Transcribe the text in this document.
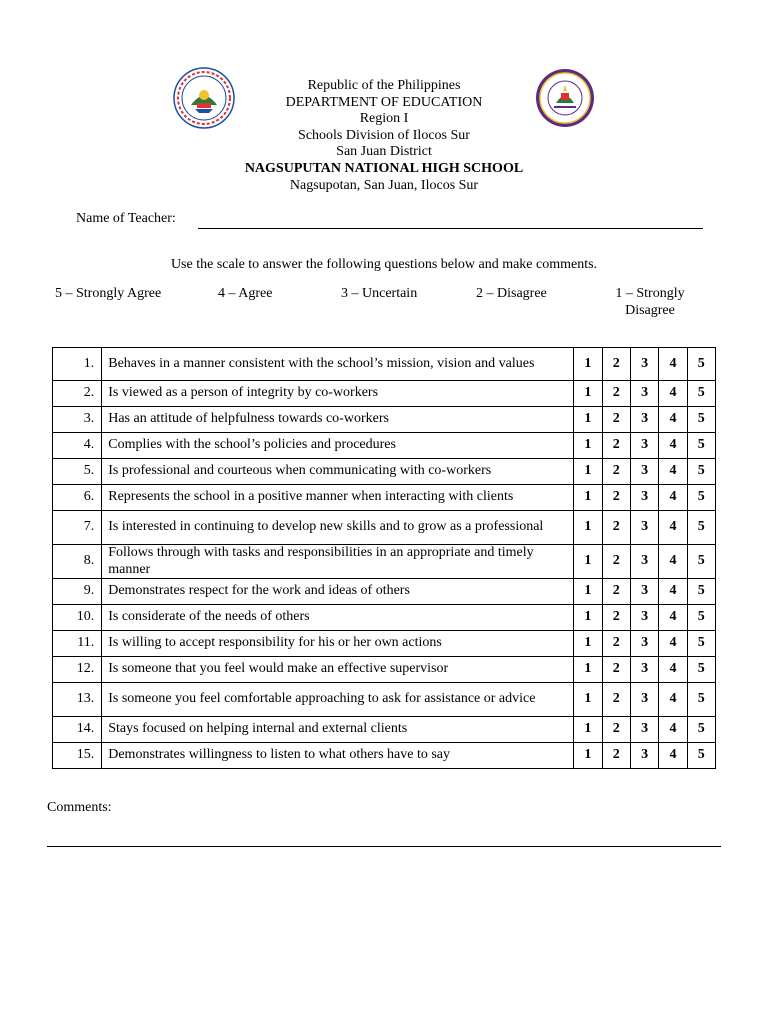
Republic of the Philippines
DEPARTMENT OF EDUCATION
Region I
Schools Division of Ilocos Sur
San Juan District
NAGSUPUTAN NATIONAL HIGH SCHOOL
Nagsupotan, San Juan, Ilocos Sur
Name of Teacher:
Use the scale to answer the following questions below and make comments.
5 – Strongly Agree	4 – Agree	3 – Uncertain	2 – Disagree	1 – Strongly Disagree
1.	Behaves in a manner consistent with the school’s mission, vision and values	1	2	3	4	5
2.	Is viewed as a person of integrity by co-workers	1	2	3	4	5
3.	Has an attitude of helpfulness towards co-workers	1	2	3	4	5
4.	Complies with the school’s policies and procedures	1	2	3	4	5
5.	Is professional and courteous when communicating with co-workers	1	2	3	4	5
6.	Represents the school in a positive manner when interacting with clients	1	2	3	4	5
7.	Is interested in continuing to develop new skills and to grow as a professional	1	2	3	4	5
8.	Follows through with tasks and responsibilities in an appropriate and timely manner	1	2	3	4	5
9.	Demonstrates respect for the work and ideas of others	1	2	3	4	5
10.	Is considerate of the needs of others	1	2	3	4	5
11.	Is willing to accept responsibility for his or her own actions	1	2	3	4	5
12.	Is someone that you feel would make an effective supervisor	1	2	3	4	5
13.	Is someone you feel comfortable approaching to ask for assistance or advice	1	2	3	4	5
14.	Stays focused on helping internal and external clients	1	2	3	4	5
15.	Demonstrates willingness to listen to what others have to say	1	2	3	4	5
Comments:
